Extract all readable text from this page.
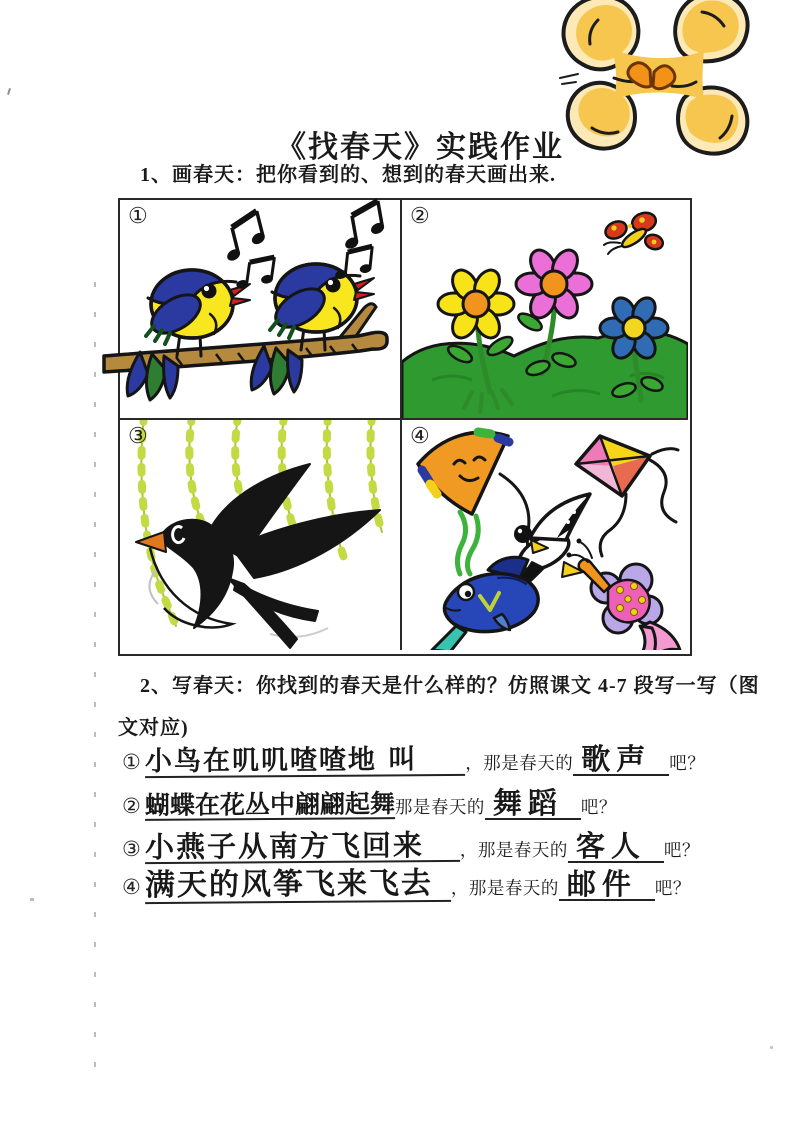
《找春天》实践作业
1、画春天：把你看到的、想到的春天画出来.
①	②
③	④
2、写春天：你找到的春天是什么样的？仿照课文 4-7 段写一写（图
文对应)
① 小鸟在叽叽喳喳地 叫	，那是春天的 歌声	吧？
② 蝴蝶在花丛中翩翩起舞 那是春天的 舞蹈	吧？
③ 小燕子从南方飞回来	，那是春天的 客人	吧？
④ 满天的风筝飞来飞去	，那是春天的 邮件	吧？
